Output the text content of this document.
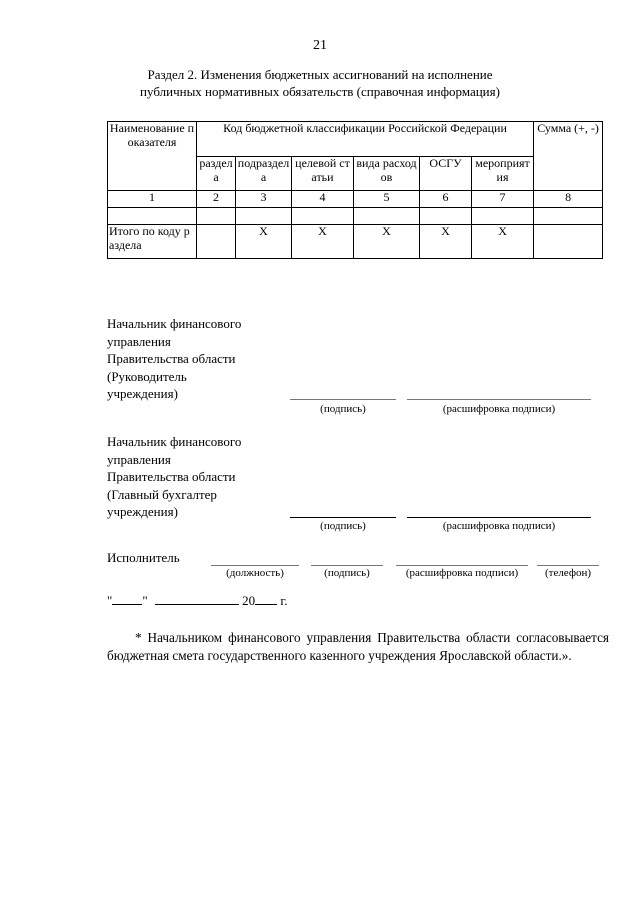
21
Раздел 2. Изменения бюджетных ассигнований на исполнение
публичных нормативных обязательств (справочная информация)
Наименование показателя	Код бюджетной классификации Российской Федерации						Сумма (+, -)
	раздела	подраздела	целевой статьи	вида расходов	ОСГУ	мероприятия	
1	2	3	4	5	6	7	8

Итого по коду раздела		X	X	X	X	X	
Начальник финансового
управления
Правительства области
(Руководитель
учреждения)
(подпись)	(расшифровка подписи)
Начальник финансового
управления
Правительства области
(Главный бухгалтер
учреждения)
(подпись)	(расшифровка подписи)
Исполнитель
(должность)	(подпись)	(расшифровка подписи)	(телефон)
" "	20 г.
* Начальником финансового управления Правительства области согласовывается бюджетная смета государственного казенного учреждения Ярославской области.».
